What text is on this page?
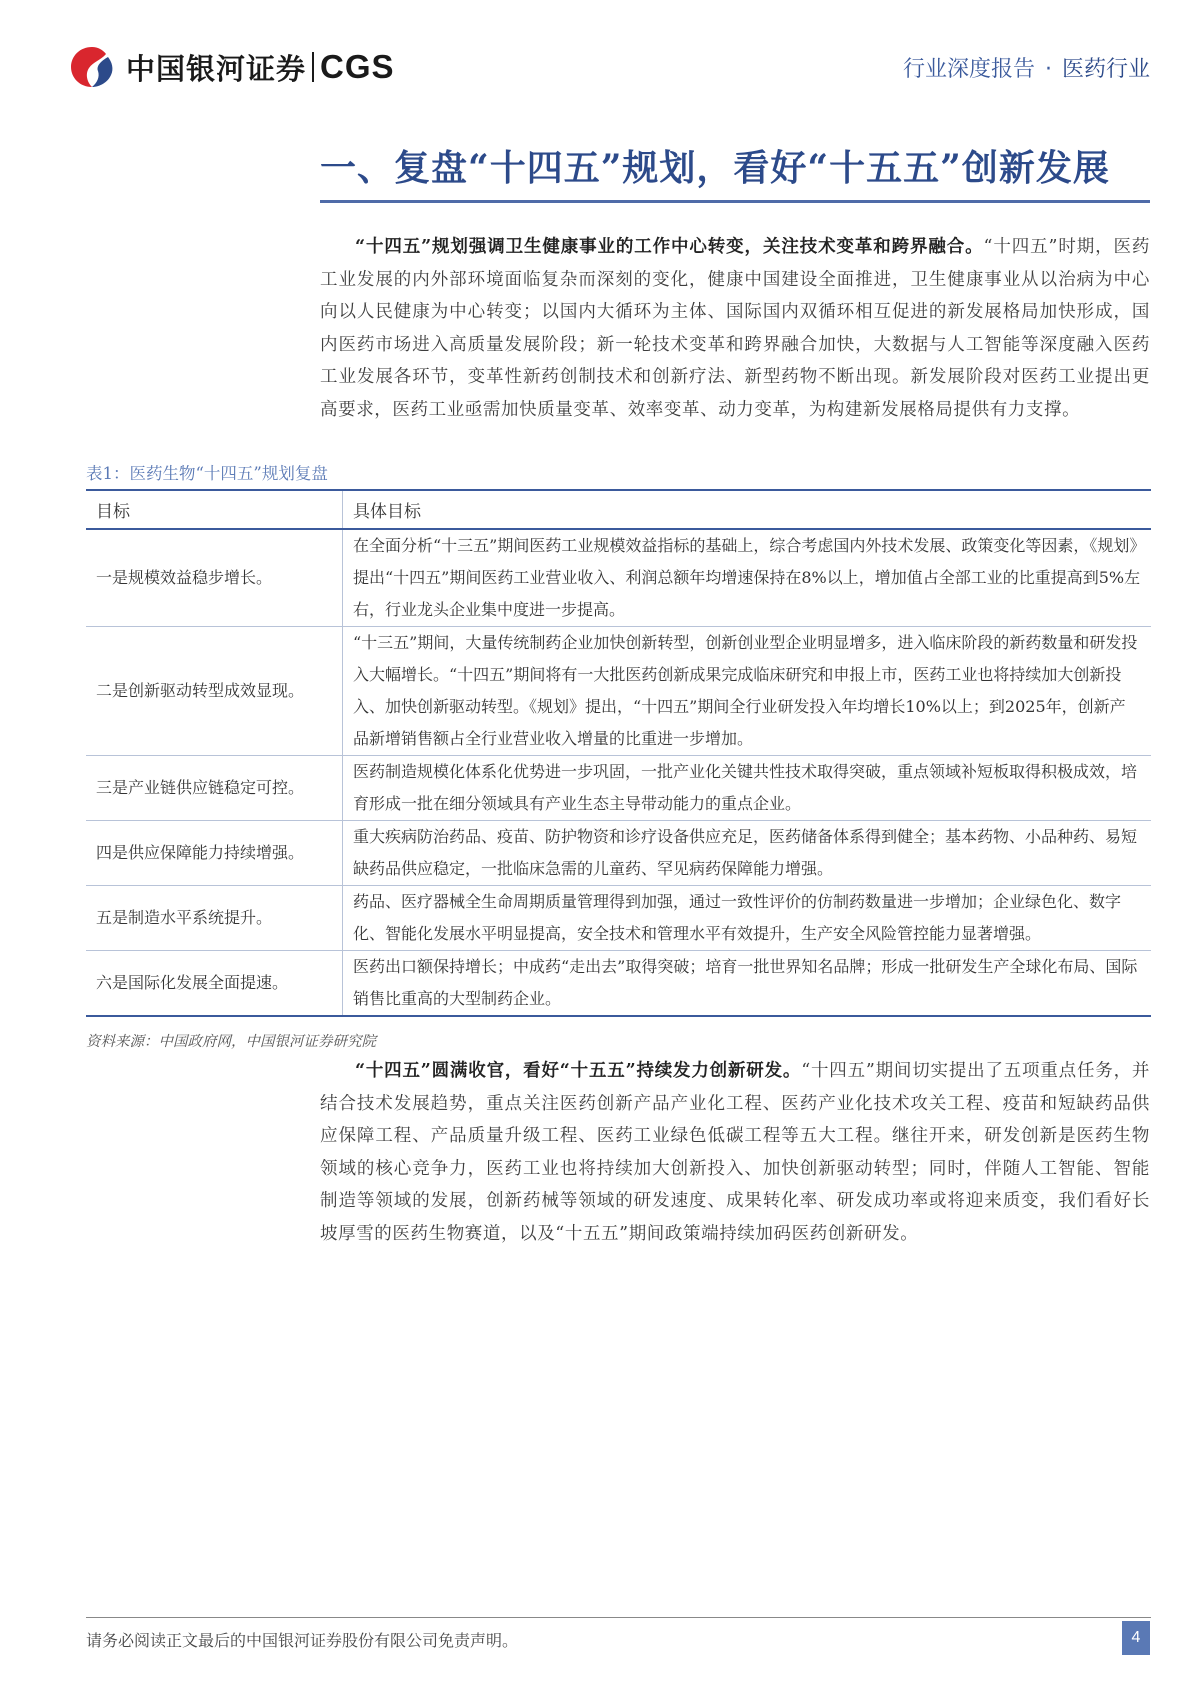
中国银河证券 CGS	行业深度报告 · 医药行业
一、复盘“十四五”规划，看好“十五五”创新发展
“十四五”规划强调卫生健康事业的工作中心转变，关注技术变革和跨界融合。“十四五”时期，医药工业发展的内外部环境面临复杂而深刻的变化，健康中国建设全面推进，卫生健康事业从以治病为中心向以人民健康为中心转变；以国内大循环为主体、国际国内双循环相互促进的新发展格局加快形成，国内医药市场进入高质量发展阶段；新一轮技术变革和跨界融合加快，大数据与人工智能等深度融入医药工业发展各环节，变革性新药创制技术和创新疗法、新型药物不断出现。新发展阶段对医药工业提出更高要求，医药工业亟需加快质量变革、效率变革、动力变革，为构建新发展格局提供有力支撑。
表1：医药生物“十四五”规划复盘
目标	具体目标
一是规模效益稳步增长。	在全面分析“十三五”期间医药工业规模效益指标的基础上，综合考虑国内外技术发展、政策变化等因素，《规划》提出“十四五”期间医药工业营业收入、利润总额年均增速保持在8%以上，增加值占全部工业的比重提高到5%左右，行业龙头企业集中度进一步提高。
二是创新驱动转型成效显现。	“十三五”期间，大量传统制药企业加快创新转型，创新创业型企业明显增多，进入临床阶段的新药数量和研发投入大幅增长。“十四五”期间将有一大批医药创新成果完成临床研究和申报上市，医药工业也将持续加大创新投入、加快创新驱动转型。《规划》提出，“十四五”期间全行业研发投入年均增长10%以上；到2025年，创新产品新增销售额占全行业营业收入增量的比重进一步增加。
三是产业链供应链稳定可控。	医药制造规模化体系化优势进一步巩固，一批产业化关键共性技术取得突破，重点领域补短板取得积极成效，培育形成一批在细分领域具有产业生态主导带动能力的重点企业。
四是供应保障能力持续增强。	重大疾病防治药品、疫苗、防护物资和诊疗设备供应充足，医药储备体系得到健全；基本药物、小品种药、易短缺药品供应稳定，一批临床急需的儿童药、罕见病药保障能力增强。
五是制造水平系统提升。	药品、医疗器械全生命周期质量管理得到加强，通过一致性评价的仿制药数量进一步增加；企业绿色化、数字化、智能化发展水平明显提高，安全技术和管理水平有效提升，生产安全风险管控能力显著增强。
六是国际化发展全面提速。	医药出口额保持增长；中成药“走出去”取得突破；培育一批世界知名品牌；形成一批研发生产全球化布局、国际销售比重高的大型制药企业。
资料来源：中国政府网，中国银河证券研究院
“十四五”圆满收官，看好“十五五”持续发力创新研发。“十四五”期间切实提出了五项重点任务，并结合技术发展趋势，重点关注医药创新产品产业化工程、医药产业化技术攻关工程、疫苗和短缺药品供应保障工程、产品质量升级工程、医药工业绿色低碳工程等五大工程。继往开来，研发创新是医药生物领域的核心竞争力，医药工业也将持续加大创新投入、加快创新驱动转型；同时，伴随人工智能、智能制造等领域的发展，创新药械等领域的研发速度、成果转化率、研发成功率或将迎来质变，我们看好长坡厚雪的医药生物赛道，以及“十五五”期间政策端持续加码医药创新研发。
请务必阅读正文最后的中国银河证券股份有限公司免责声明。	4
